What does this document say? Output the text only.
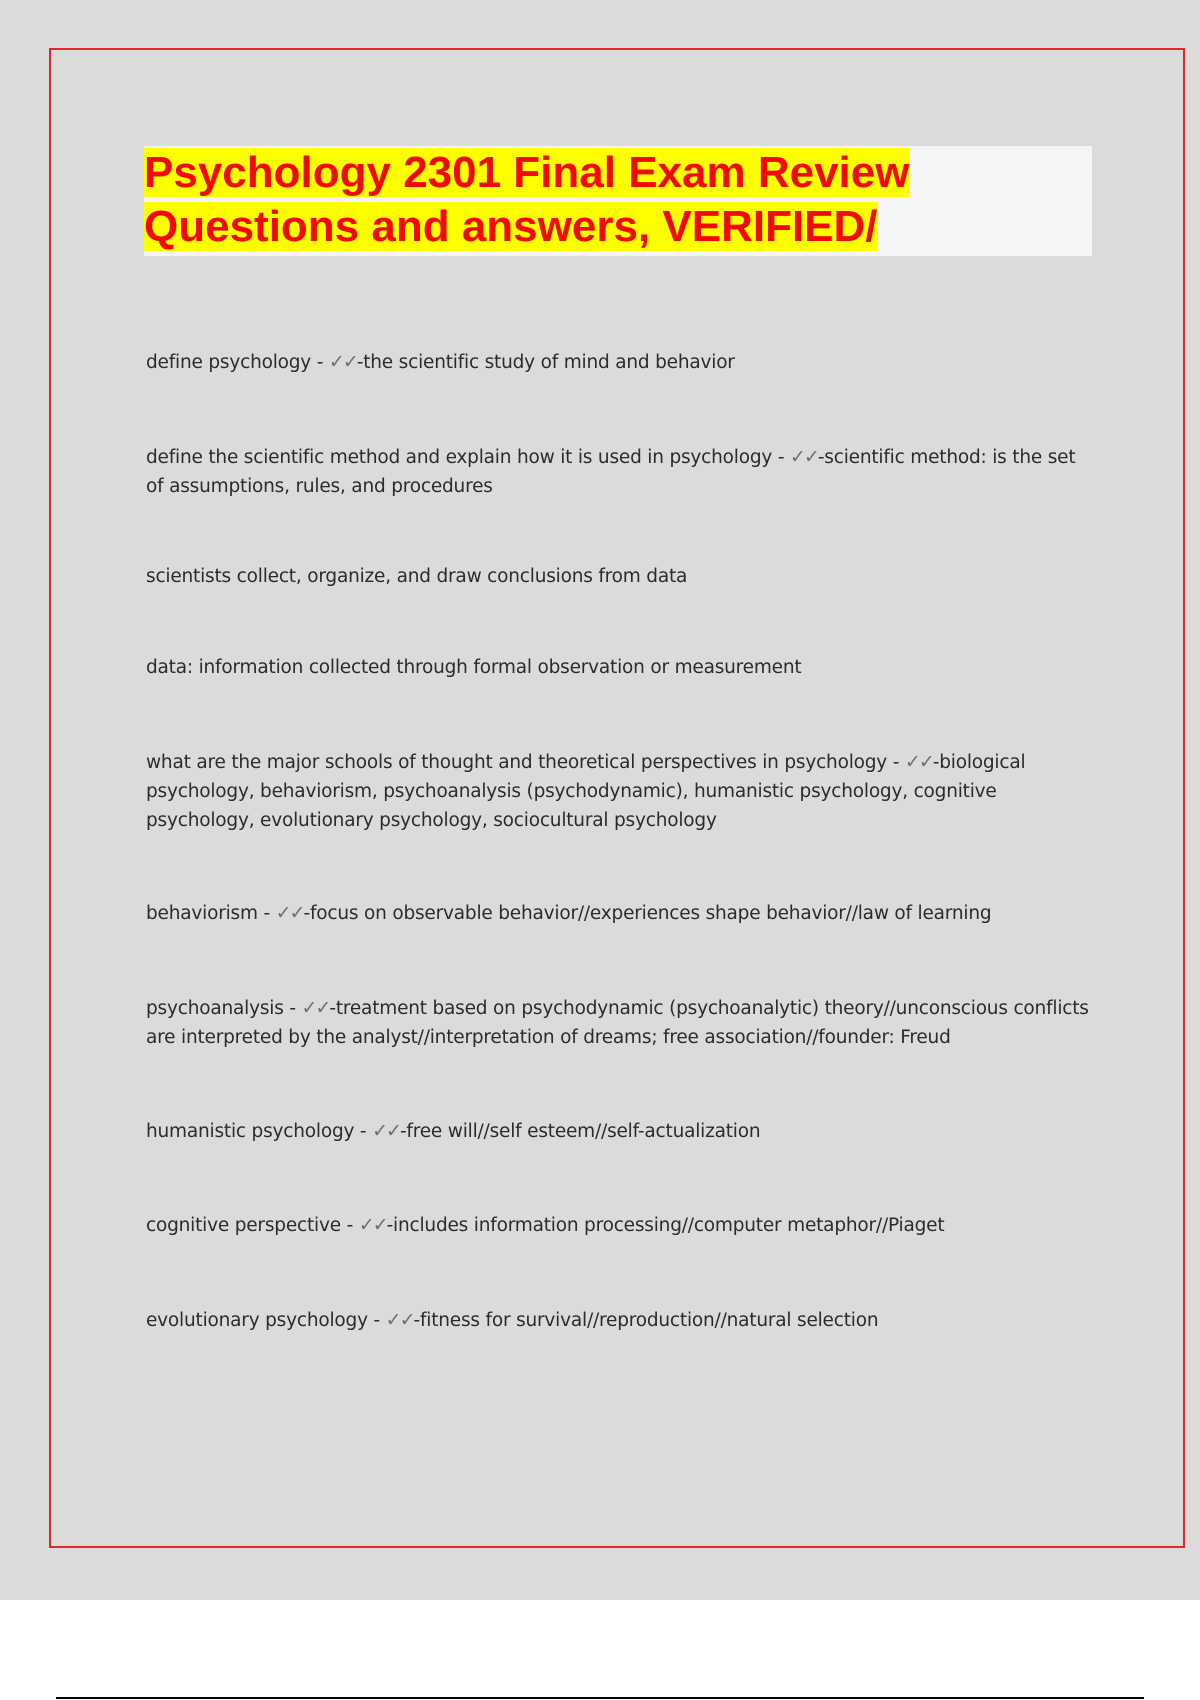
Psychology 2301 Final Exam Review
Questions and answers, VERIFIED/

define psychology - ✓✓-the scientific study of mind and behavior

define the scientific method and explain how it is used in psychology - ✓✓-scientific method: is the set of assumptions, rules, and procedures

scientists collect, organize, and draw conclusions from data

data: information collected through formal observation or measurement

what are the major schools of thought and theoretical perspectives in psychology - ✓✓-biological psychology, behaviorism, psychoanalysis (psychodynamic), humanistic psychology, cognitive psychology, evolutionary psychology, sociocultural psychology

behaviorism - ✓✓-focus on observable behavior//experiences shape behavior//law of learning

psychoanalysis - ✓✓-treatment based on psychodynamic (psychoanalytic) theory//unconscious conflicts are interpreted by the analyst//interpretation of dreams; free association//founder: Freud

humanistic psychology - ✓✓-free will//self esteem//self-actualization

cognitive perspective - ✓✓-includes information processing//computer metaphor//Piaget

evolutionary psychology - ✓✓-fitness for survival//reproduction//natural selection
